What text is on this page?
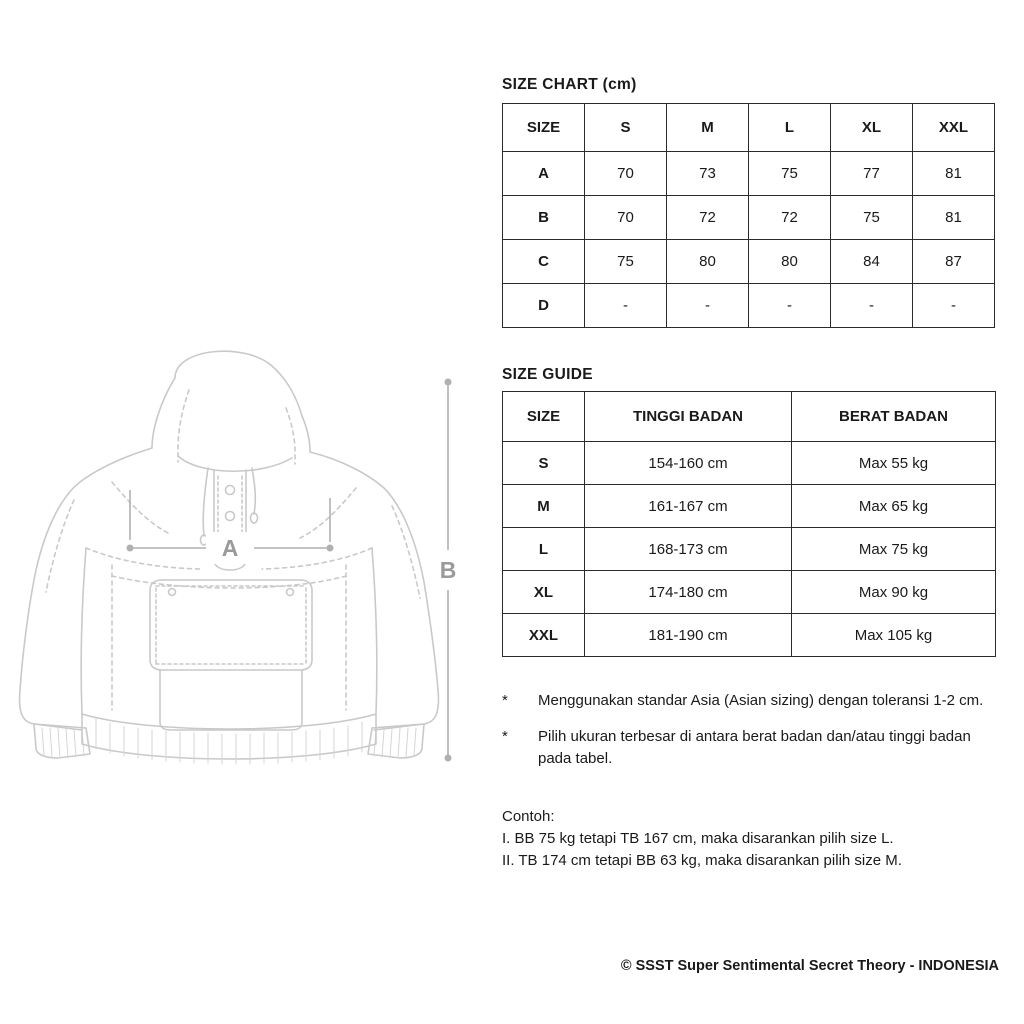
A
B
SIZE CHART (cm)
SIZE	S	M	L	XL	XXL
A	70	73	75	77	81
B	70	72	72	75	81
C	75	80	80	84	87
D	-	-	-	-	-
SIZE GUIDE
SIZE	TINGGI BADAN	BERAT BADAN
S	154-160 cm	Max 55 kg
M	161-167 cm	Max 65 kg
L	168-173 cm	Max 75 kg
XL	174-180 cm	Max 90 kg
XXL	181-190 cm	Max 105 kg
*	Menggunakan standar Asia (Asian sizing) dengan toleransi 1-2 cm.
*	Pilih ukuran terbesar di antara berat badan dan/atau tinggi badan pada tabel.
Contoh:
I. BB 75 kg tetapi TB 167 cm, maka disarankan pilih size L.
II. TB 174 cm tetapi BB 63 kg, maka disarankan pilih size M.
© SSST Super Sentimental Secret Theory - INDONESIA
